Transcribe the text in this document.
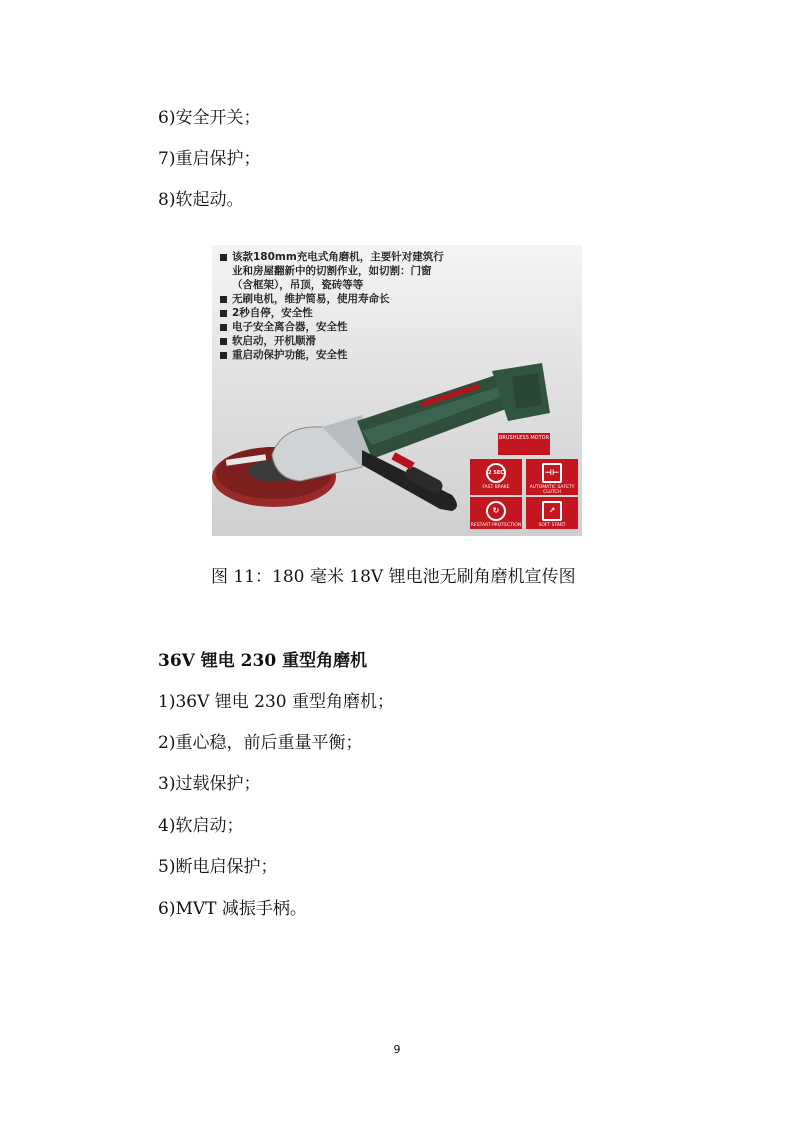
6)安全开关；
7)重启保护；
8)软起动。
该款180mm充电式角磨机，主要针对建筑行
业和房屋翻新中的切割作业，如切割：门窗
（含框架），吊顶，瓷砖等等
无刷电机，维护简易，使用寿命长
2秒自停，安全性
电子安全离合器，安全性
软启动，开机顺滑
重启动保护功能，安全性
BRUSHLESS MOTOR
2 SEC
FAST BRAKE
⊣⊢
AUTOMATIC SAFETY CLUTCH
↻
RESTART PROTECTION
↗
SOFT START
图 11：180 毫米 18V 锂电池无刷角磨机宣传图
36V 锂电 230 重型角磨机
1)36V 锂电 230 重型角磨机；
2)重心稳，前后重量平衡；
3)过载保护；
4)软启动；
5)断电启保护；
6)MVT 减振手柄。
9
